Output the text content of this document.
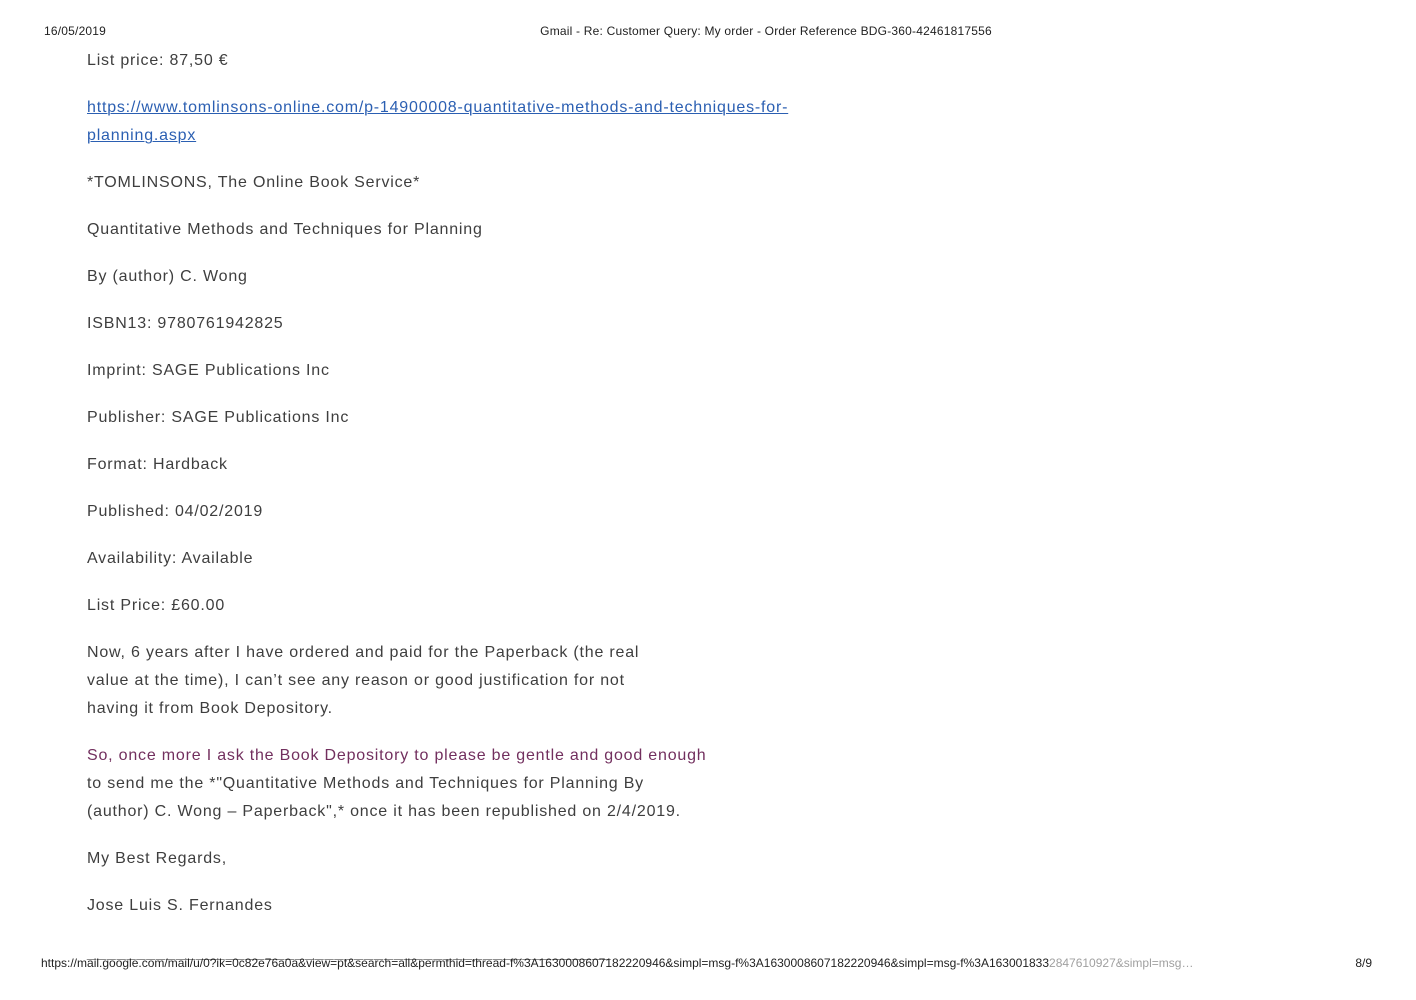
16/05/2019	Gmail - Re: Customer Query: My order - Order Reference BDG-360-42461817556

List price: 87,50 €

https://www.tomlinsons-online.com/p-14900008-quantitative-methods-and-techniques-for-planning.aspx

*TOMLINSONS, The Online Book Service*

Quantitative Methods and Techniques for Planning

By (author) C. Wong

ISBN13: 9780761942825

Imprint: SAGE Publications Inc

Publisher: SAGE Publications Inc

Format: Hardback

Published: 04/02/2019

Availability: Available

List Price: £60.00

Now, 6 years after I have ordered and paid for the Paperback (the real
value at the time), I can’t see any reason or good justification for not
having it from Book Depository.

So, once more I ask the Book Depository to please be gentle and good enough
to send me the *"Quantitative Methods and Techniques for Planning By
(author) C. Wong – Paperback",* once it has been republished on 2/4/2019.

My Best Regards,

Jose Luis S. Fernandes

_____________________________________________________

https://mail.google.com/mail/u/0?ik=0c82e76a0a&view=pt&search=all&permthid=thread-f%3A1630008607182220946&simpl=msg-f%3A1630008607182220946&simpl=msg-f%3A1630018332847610927&simpl=msg…	8/9
